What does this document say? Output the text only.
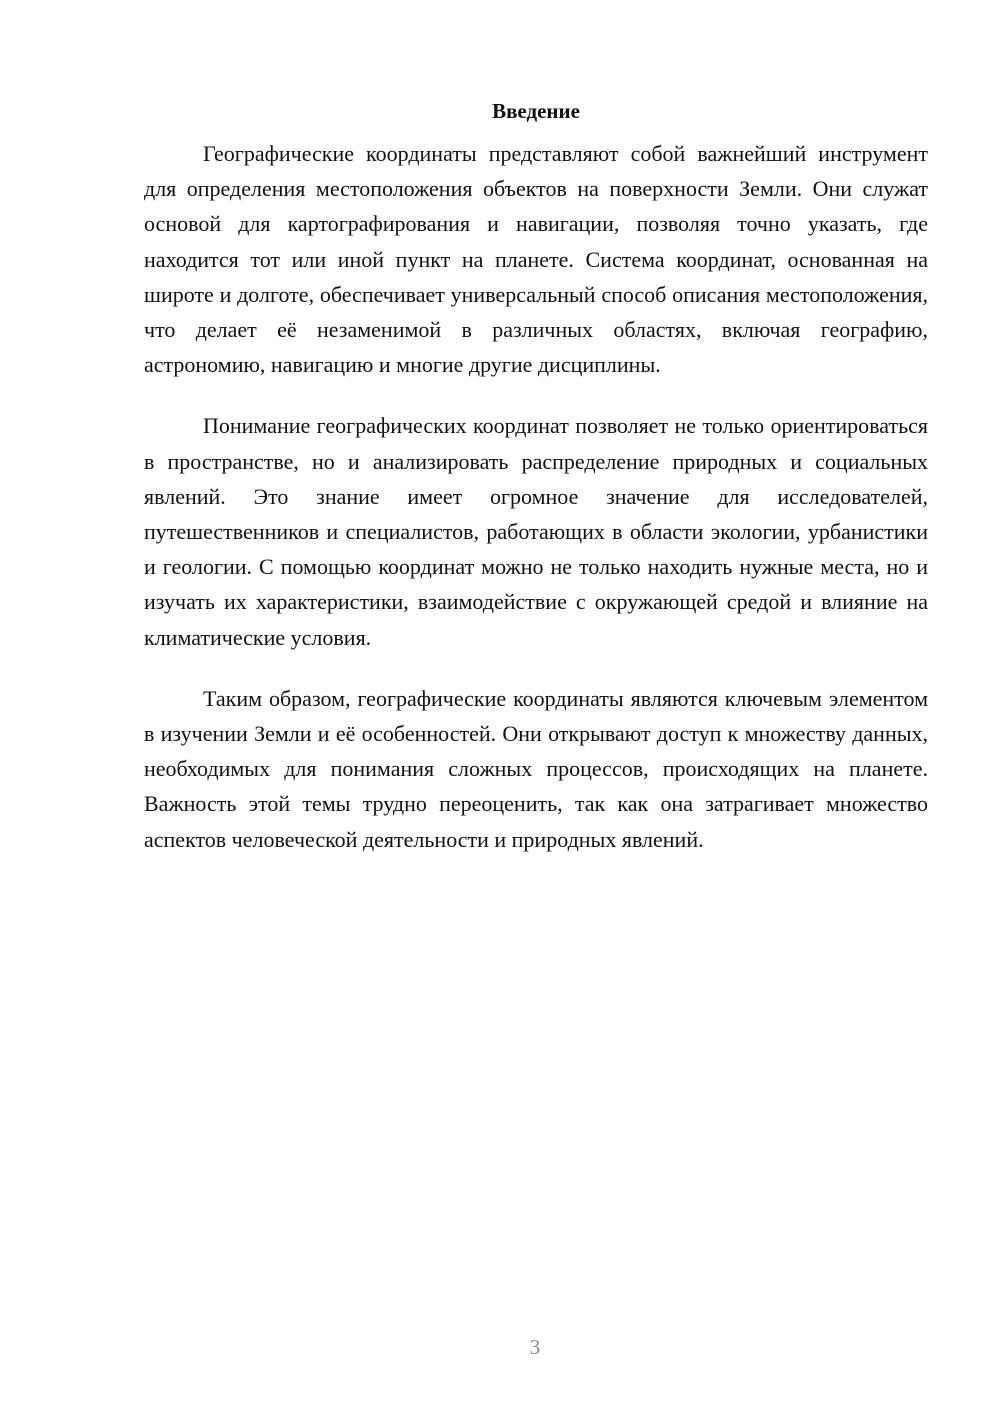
Введение

Географические координаты представляют собой важнейший инструмент для определения местоположения объектов на поверхности Земли. Они служат основой для картографирования и навигации, позволяя точно указать, где находится тот или иной пункт на планете. Система координат, основанная на широте и долготе, обеспечивает универсальный способ описания местоположения, что делает её незаменимой в различных областях, включая географию, астрономию, навигацию и многие другие дисциплины.

Понимание географических координат позволяет не только ориентироваться в пространстве, но и анализировать распределение природных и социальных явлений. Это знание имеет огромное значение для исследователей, путешественников и специалистов, работающих в области экологии, урбанистики и геологии. С помощью координат можно не только находить нужные места, но и изучать их характеристики, взаимодействие с окружающей средой и влияние на климатические условия.

Таким образом, географические координаты являются ключевым элементом в изучении Земли и её особенностей. Они открывают доступ к множеству данных, необходимых для понимания сложных процессов, происходящих на планете. Важность этой темы трудно переоценить, так как она затрагивает множество аспектов человеческой деятельности и природных явлений.

3
